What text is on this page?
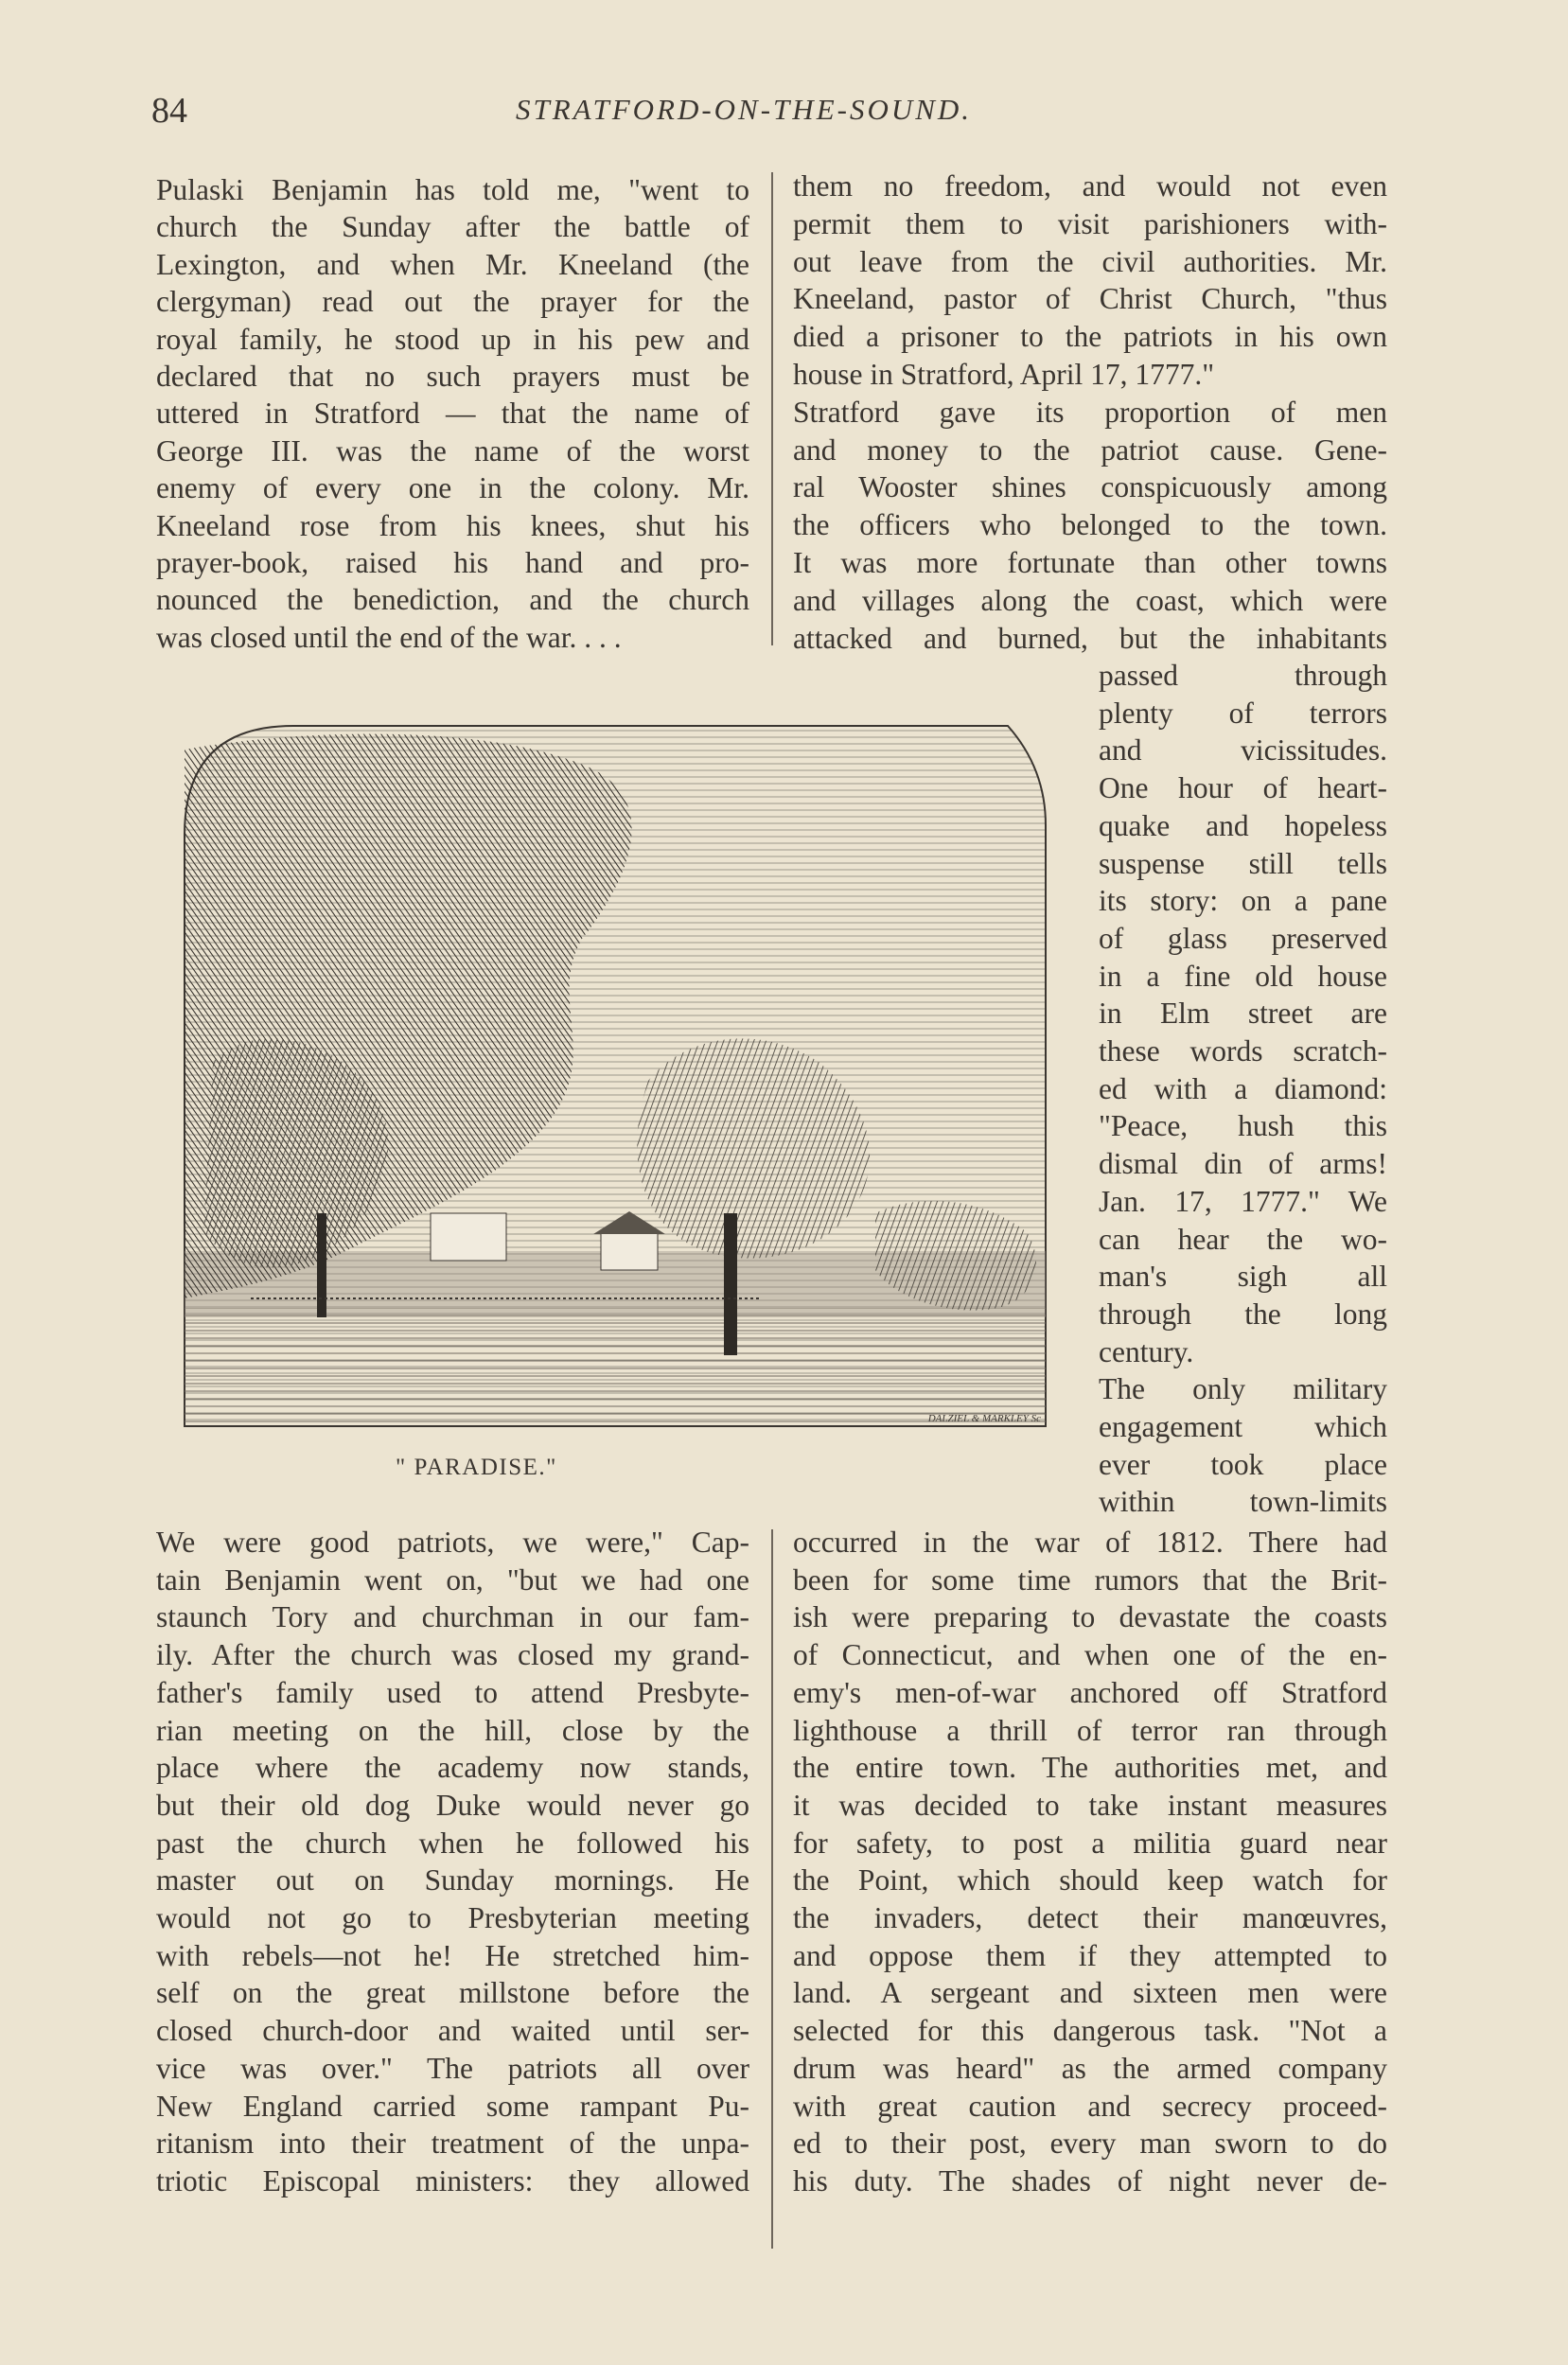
84	STRATFORD-ON-THE-SOUND.
Pulaski Benjamin has told me, "went to
church the Sunday after the battle of
Lexington, and when Mr. Kneeland (the
clergyman) read out the prayer for the
royal family, he stood up in his pew and
declared that no such prayers must be
uttered in Stratford — that the name of
George III. was the name of the worst
enemy of every one in the colony. Mr.
Kneeland rose from his knees, shut his
prayer-book, raised his hand and pro-
nounced the benediction, and the church
was closed until the end of the war. . . .
We were good patriots, we were," Cap-
tain Benjamin went on, "but we had one
staunch Tory and churchman in our fam-
ily. After the church was closed my grand-
father's family used to attend Presbyte-
rian meeting on the hill, close by the
place where the academy now stands,
but their old dog Duke would never go
past the church when he followed his
master out on Sunday mornings. He
would not go to Presbyterian meeting
with rebels—not he! He stretched him-
self on the great millstone before the
closed church-door and waited until ser-
vice was over." The patriots all over
New England carried some rampant Pu-
ritanism into their treatment of the unpa-
triotic Episcopal ministers: they allowed
them no freedom, and would not even
permit them to visit parishioners with-
out leave from the civil authorities. Mr.
Kneeland, pastor of Christ Church, "thus
died a prisoner to the patriots in his own
house in Stratford, April 17, 1777."
Stratford gave its proportion of men
and money to the patriot cause. Gene-
ral Wooster shines conspicuously among
the officers who belonged to the town.
It was more fortunate than other towns
and villages along the coast, which were
attacked and burned, but the inhabitants
passed through
plenty of terrors
and vicissitudes.
One hour of heart-
quake and hopeless
suspense still tells
its story: on a pane
of glass preserved
in a fine old house
in Elm street are
these words scratch-
ed with a diamond:
"Peace, hush this
dismal din of arms!
Jan. 17, 1777." We
can hear the wo-
man's sigh all
through the long
century.
The only military
engagement which
ever took place
within town-limits
occurred in the war of 1812. There had
been for some time rumors that the Brit-
ish were preparing to devastate the coasts
of Connecticut, and when one of the en-
emy's men-of-war anchored off Stratford
lighthouse a thrill of terror ran through
the entire town. The authorities met, and
it was decided to take instant measures
for safety, to post a militia guard near
the Point, which should keep watch for
the invaders, detect their manœuvres,
and oppose them if they attempted to
land. A sergeant and sixteen men were
selected for this dangerous task. "Not a
drum was heard" as the armed company
with great caution and secrecy proceed-
ed to their post, every man sworn to do
his duty. The shades of night never de-
DALZIEL & MARKLEY Sc
" PARADISE."
